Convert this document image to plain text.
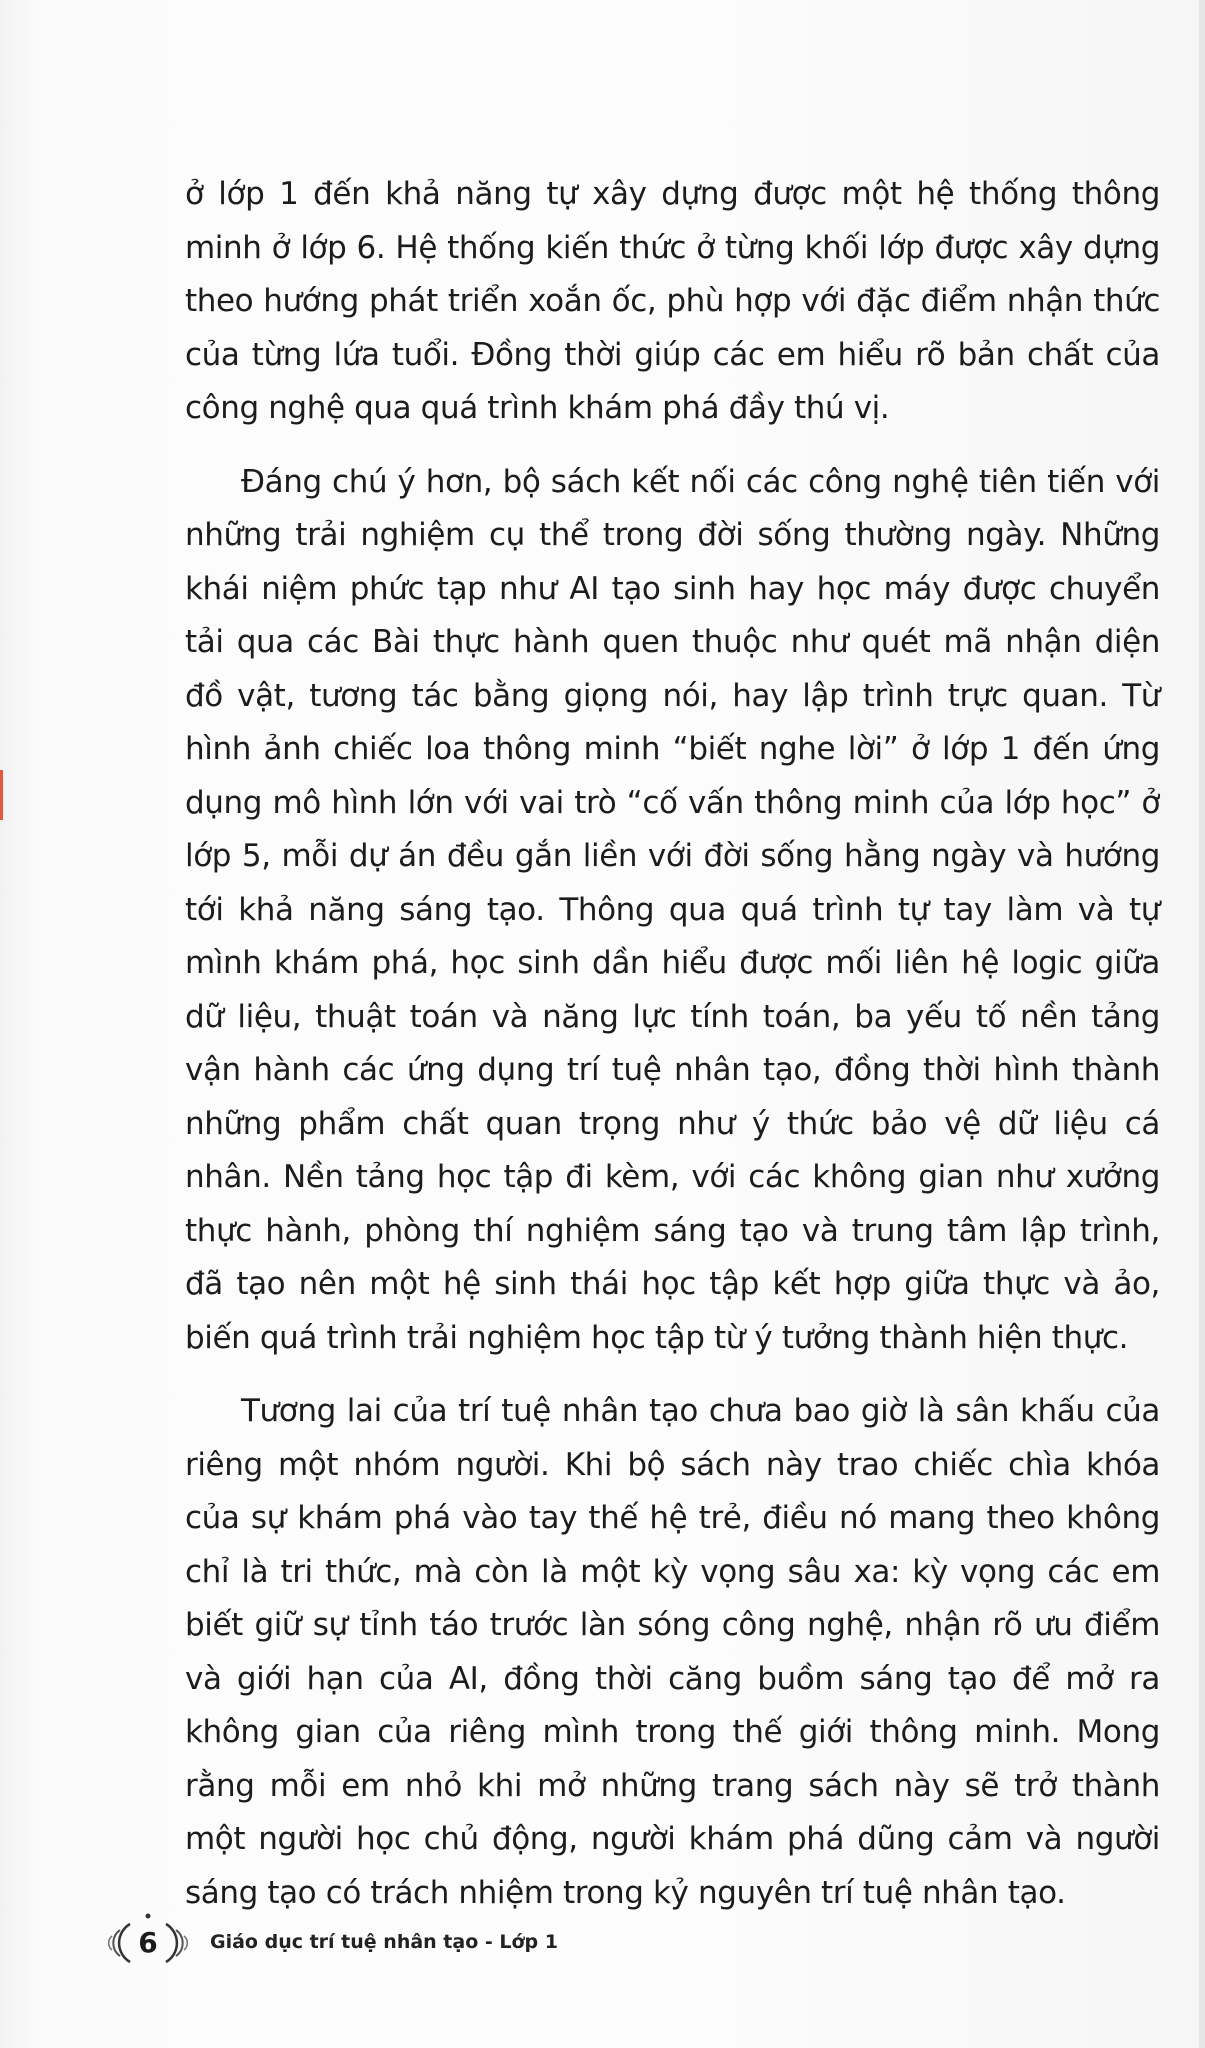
ở lớp 1 đến khả năng tự xây dựng được một hệ thống thông minh ở lớp 6. Hệ thống kiến thức ở từng khối lớp được xây dựng theo hướng phát triển xoắn ốc, phù hợp với đặc điểm nhận thức của từng lứa tuổi. Đồng thời giúp các em hiểu rõ bản chất của công nghệ qua quá trình khám phá đầy thú vị.

Đáng chú ý hơn, bộ sách kết nối các công nghệ tiên tiến với những trải nghiệm cụ thể trong đời sống thường ngày. Những khái niệm phức tạp như AI tạo sinh hay học máy được chuyển tải qua các Bài thực hành quen thuộc như quét mã nhận diện đồ vật, tương tác bằng giọng nói, hay lập trình trực quan. Từ hình ảnh chiếc loa thông minh “biết nghe lời” ở lớp 1 đến ứng dụng mô hình lớn với vai trò “cố vấn thông minh của lớp học” ở lớp 5, mỗi dự án đều gắn liền với đời sống hằng ngày và hướng tới khả năng sáng tạo. Thông qua quá trình tự tay làm và tự mình khám phá, học sinh dần hiểu được mối liên hệ logic giữa dữ liệu, thuật toán và năng lực tính toán, ba yếu tố nền tảng vận hành các ứng dụng trí tuệ nhân tạo, đồng thời hình thành những phẩm chất quan trọng như ý thức bảo vệ dữ liệu cá nhân. Nền tảng học tập đi kèm, với các không gian như xưởng thực hành, phòng thí nghiệm sáng tạo và trung tâm lập trình, đã tạo nên một hệ sinh thái học tập kết hợp giữa thực và ảo, biến quá trình trải nghiệm học tập từ ý tưởng thành hiện thực.

Tương lai của trí tuệ nhân tạo chưa bao giờ là sân khấu của riêng một nhóm người. Khi bộ sách này trao chiếc chìa khóa của sự khám phá vào tay thế hệ trẻ, điều nó mang theo không chỉ là tri thức, mà còn là một kỳ vọng sâu xa: kỳ vọng các em biết giữ sự tỉnh táo trước làn sóng công nghệ, nhận rõ ưu điểm và giới hạn của AI, đồng thời căng buồm sáng tạo để mở ra không gian của riêng mình trong thế giới thông minh. Mong rằng mỗi em nhỏ khi mở những trang sách này sẽ trở thành một người học chủ động, người khám phá dũng cảm và người sáng tạo có trách nhiệm trong kỷ nguyên trí tuệ nhân tạo.

6	Giáo dục trí tuệ nhân tạo - Lớp 1
